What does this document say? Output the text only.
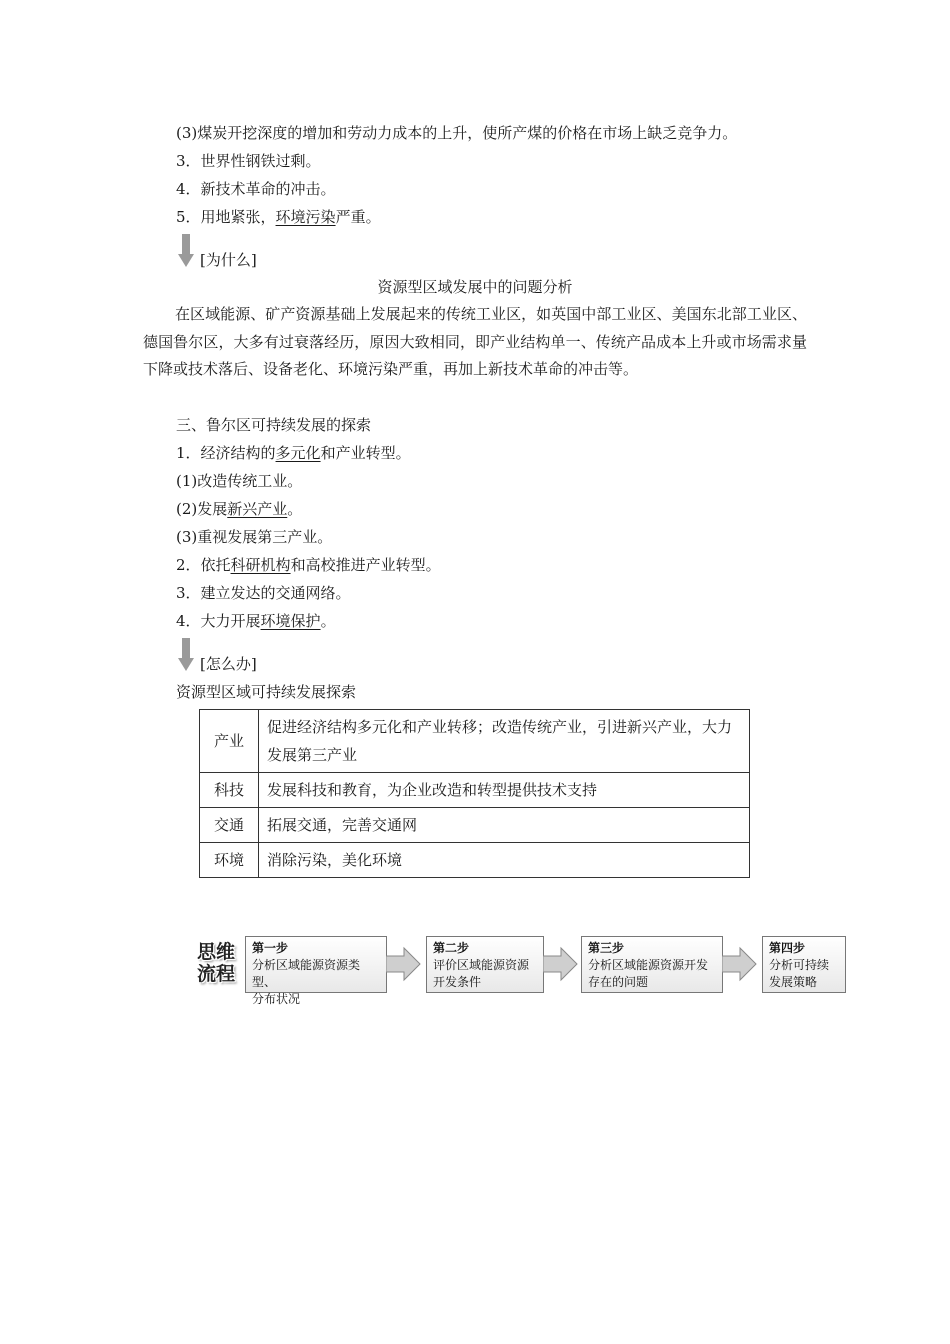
(3)煤炭开挖深度的增加和劳动力成本的上升，使所产煤的价格在市场上缺乏竞争力。
3．世界性钢铁过剩。
4．新技术革命的冲击。
5．用地紧张，环境污染严重。
[为什么]
资源型区域发展中的问题分析
在区域能源、矿产资源基础上发展起来的传统工业区，如英国中部工业区、美国东北部工业区、德国鲁尔区，大多有过衰落经历，原因大致相同，即产业结构单一、传统产品成本上升或市场需求量下降或技术落后、设备老化、环境污染严重，再加上新技术革命的冲击等。
三、鲁尔区可持续发展的探索
1．经济结构的多元化和产业转型。
(1)改造传统工业。
(2)发展新兴产业。
(3)重视发展第三产业。
2．依托科研机构和高校推进产业转型。
3．建立发达的交通网络。
4．大力开展环境保护。
[怎么办]
资源型区域可持续发展探索
产业	促进经济结构多元化和产业转移；改造传统产业，引进新兴产业，大力发展第三产业
科技	发展科技和教育，为企业改造和转型提供技术支持
交通	拓展交通，完善交通网
环境	消除污染，美化环境
思维
流程
第一步
分析区域能源资源类型、
分布状况
第二步
评价区域能源资源
开发条件
第三步
分析区域能源资源开发
存在的问题
第四步
分析可持续
发展策略
